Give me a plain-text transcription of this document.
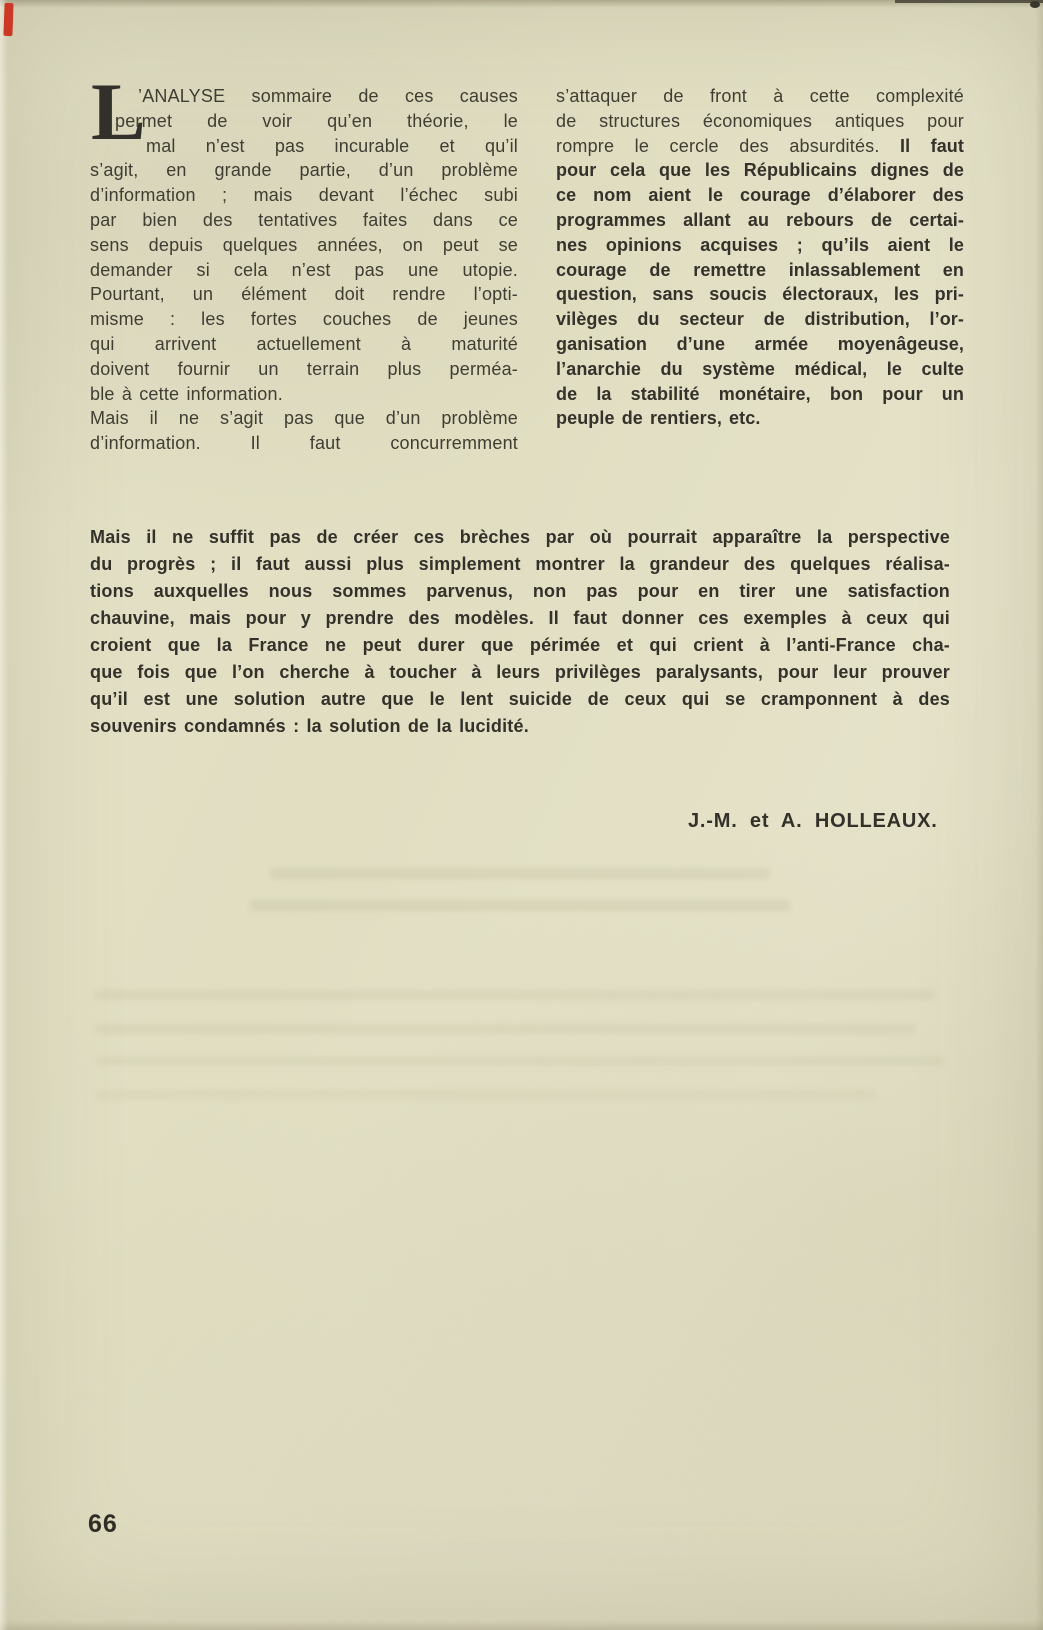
L
’ANALYSE sommaire de ces causes
permet de voir qu’en théorie, le
mal n’est pas incurable et qu’il
s’agit, en grande partie, d’un problème
d’information ; mais devant l’échec subi
par bien des tentatives faites dans ce
sens depuis quelques années, on peut se
demander si cela n’est pas une utopie.
Pourtant, un élément doit rendre l’opti-
misme : les fortes couches de jeunes
qui arrivent actuellement à maturité
doivent fournir un terrain plus perméa-
ble à cette information.
Mais il ne s’agit pas que d’un problème
d’information. Il faut concurremment
s’attaquer de front à cette complexité
de structures économiques antiques pour
rompre le cercle des absurdités. Il faut
pour cela que les Républicains dignes de
ce nom aient le courage d’élaborer des
programmes allant au rebours de certai-
nes opinions acquises ; qu’ils aient le
courage de remettre inlassablement en
question, sans soucis électoraux, les pri-
vilèges du secteur de distribution, l’or-
ganisation d’une armée moyenâgeuse,
l’anarchie du système médical, le culte
de la stabilité monétaire, bon pour un
peuple de rentiers, etc.
Mais il ne suffit pas de créer ces brèches par où pourrait apparaître la perspective
du progrès ; il faut aussi plus simplement montrer la grandeur des quelques réalisa-
tions auxquelles nous sommes parvenus, non pas pour en tirer une satisfaction
chauvine, mais pour y prendre des modèles. Il faut donner ces exemples à ceux qui
croient que la France ne peut durer que périmée et qui crient à l’anti-France cha-
que fois que l’on cherche à toucher à leurs privilèges paralysants, pour leur prouver
qu’il est une solution autre que le lent suicide de ceux qui se cramponnent à des
souvenirs condamnés : la solution de la lucidité.
J.-M. et A. HOLLEAUX.
66
